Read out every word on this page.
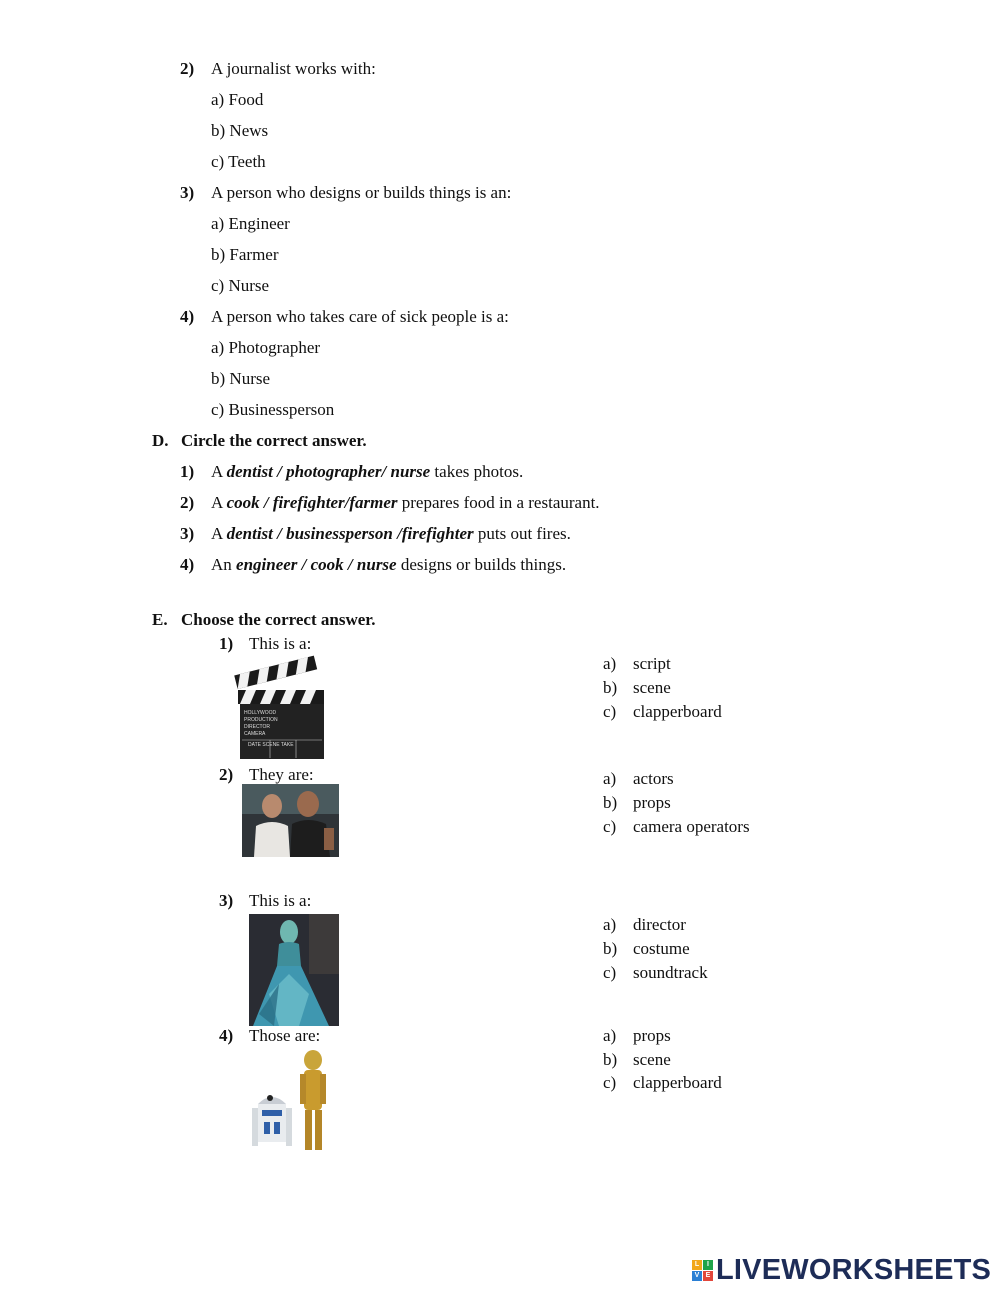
2) A journalist works with:
a) Food
b) News
c) Teeth
3) A person who designs or builds things is an:
a) Engineer
b) Farmer
c) Nurse
4) A person who takes care of sick people is a:
a) Photographer
b) Nurse
c) Businessperson
D. Circle the correct answer.
1) A dentist / photographer/ nurse takes photos.
2) A cook / firefighter/farmer prepares food in a restaurant.
3) A dentist / businessperson /firefighter puts out fires.
4) An engineer / cook / nurse designs or builds things.
E. Choose the correct answer.
1) This is a:
HOLLYWOOD
PRODUCTION
DIRECTOR
CAMERA
DATE SCENE TAKE
a) script
b) scene
c) clapperboard
2) They are:	a) actors
b) props
c) camera operators
3) This is a:
a) director
b) costume
c) soundtrack
4) Those are:	a) props
b) scene
c) clapperboard
L	I
V E LIVEWORKSHEETS
